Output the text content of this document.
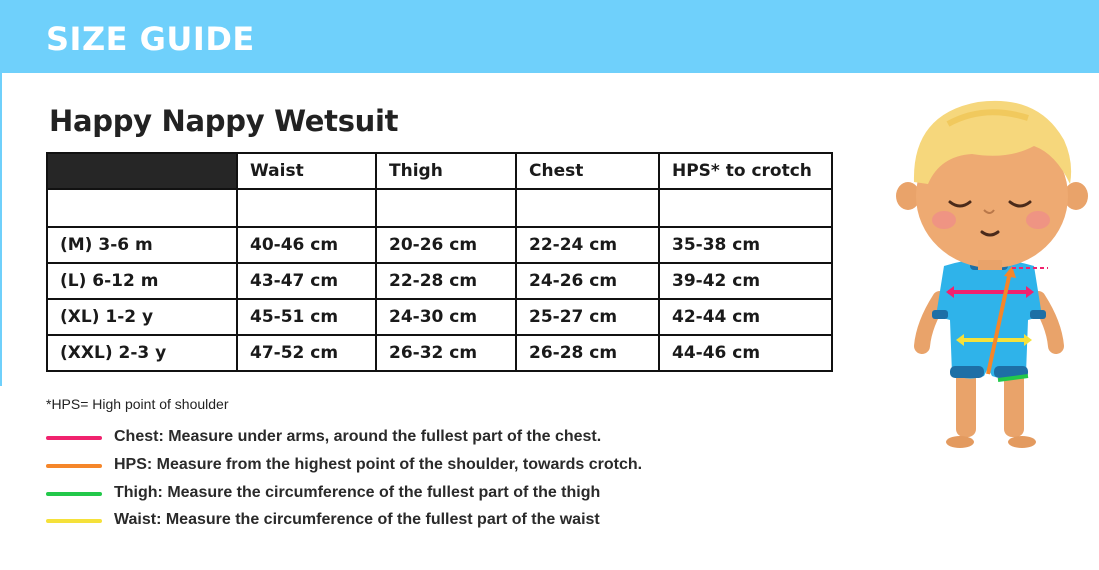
SIZE GUIDE
Happy Nappy Wetsuit
	Waist	Thigh	Chest	HPS* to crotch

(M) 3-6 m	40-46 cm	20-26 cm	22-24 cm	35-38 cm
(L) 6-12 m	43-47 cm	22-28 cm	24-26 cm	39-42 cm
(XL) 1-2 y	45-51 cm	24-30 cm	25-27 cm	42-44 cm
(XXL) 2-3 y	47-52 cm	26-32 cm	26-28 cm	44-46 cm
*HPS= High point of shoulder
Chest: Measure under arms, around the fullest part of the chest.
HPS: Measure from the highest point of the shoulder, towards crotch.
Thigh: Measure the circumference of the fullest part of the thigh
Waist: Measure the circumference of the fullest part of the waist
